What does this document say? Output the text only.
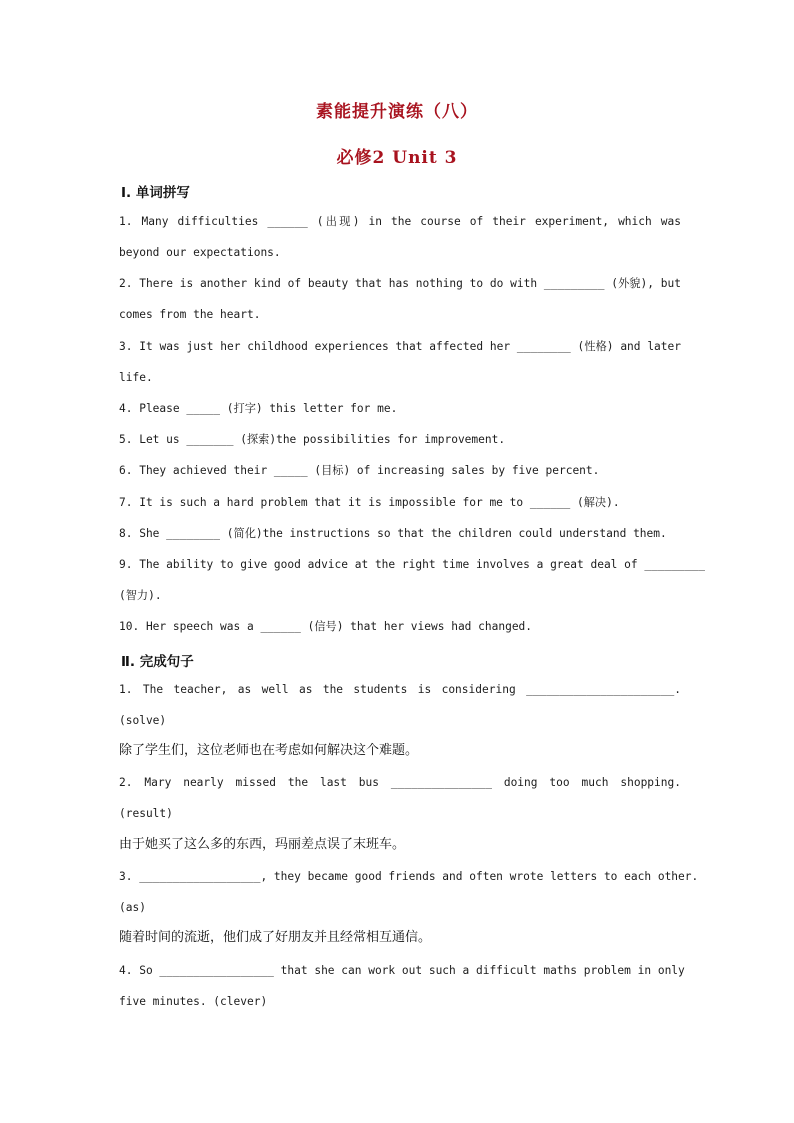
素能提升演练（八）
必修2 Unit 3
Ⅰ. 单词拼写
1. Many difficulties ______ (出现) in the course of their experiment, which was
beyond our expectations.
2. There is another kind of beauty that has nothing to do with _________ (外貌), but
comes from the heart.
3. It was just her childhood experiences that affected her ________ (性格) and later
life.
4. Please _____ (打字) this letter for me.
5. Let us _______ (探索)the possibilities for improvement.
6. They achieved their _____ (目标) of increasing sales by five percent.
7. It is such a hard problem that it is impossible for me to ______ (解决).
8. She ________ (简化)the instructions so that the children could understand them.
9. The ability to give good advice at the right time involves a great deal of _________
(智力).
10. Her speech was a ______ (信号) that her views had changed.
Ⅱ. 完成句子
1. The teacher, as well as the students is considering ______________________.
(solve)
除了学生们，这位老师也在考虑如何解决这个难题。
2. Mary nearly missed the last bus _______________ doing too much shopping.
(result)
由于她买了这么多的东西，玛丽差点误了末班车。
3. __________________, they became good friends and often wrote letters to each other.
(as)
随着时间的流逝，他们成了好朋友并且经常相互通信。
4. So _________________ that she can work out such a difficult maths problem in only
five minutes. (clever)
